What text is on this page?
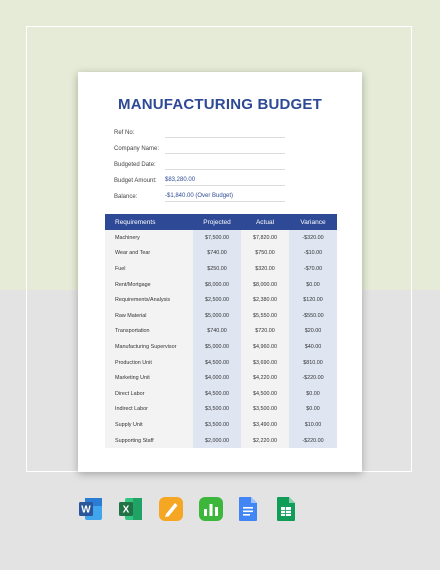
MANUFACTURING BUDGET
Ref No:
Company Name:
Budgeted Date:
Budget Amount: $83,280.00
Balance:	-$1,840.00 (Over Budget)
Requirements	Projected	Actual	Variance
Machinery	$7,500.00	$7,820.00	-$320.00
Wear and Tear	$740.00	$750.00	-$10.00
Fuel	$250.00	$320.00	-$70.00
Rent/Mortgage	$8,000.00	$8,000.00	$0.00
Requirements/Analysis	$2,500.00	$2,380.00	$120.00
Raw Material	$5,000.00	$5,550.00	-$550.00
Transportation	$740.00	$720.00	$20.00
Manufacturing Supervisor	$5,000.00	$4,960.00	$40.00
Production Unit	$4,500.00	$3,690.00	$810.00
Marketing Unit	$4,000.00	$4,220.00	-$220.00
Direct Labor	$4,500.00	$4,500.00	$0.00
Indirect Labor	$3,500.00	$3,500.00	$0.00
Supply Unit	$3,500.00	$3,490.00	$10.00
Supporting Staff	$2,000.00	$2,220.00	-$220.00
W	X
